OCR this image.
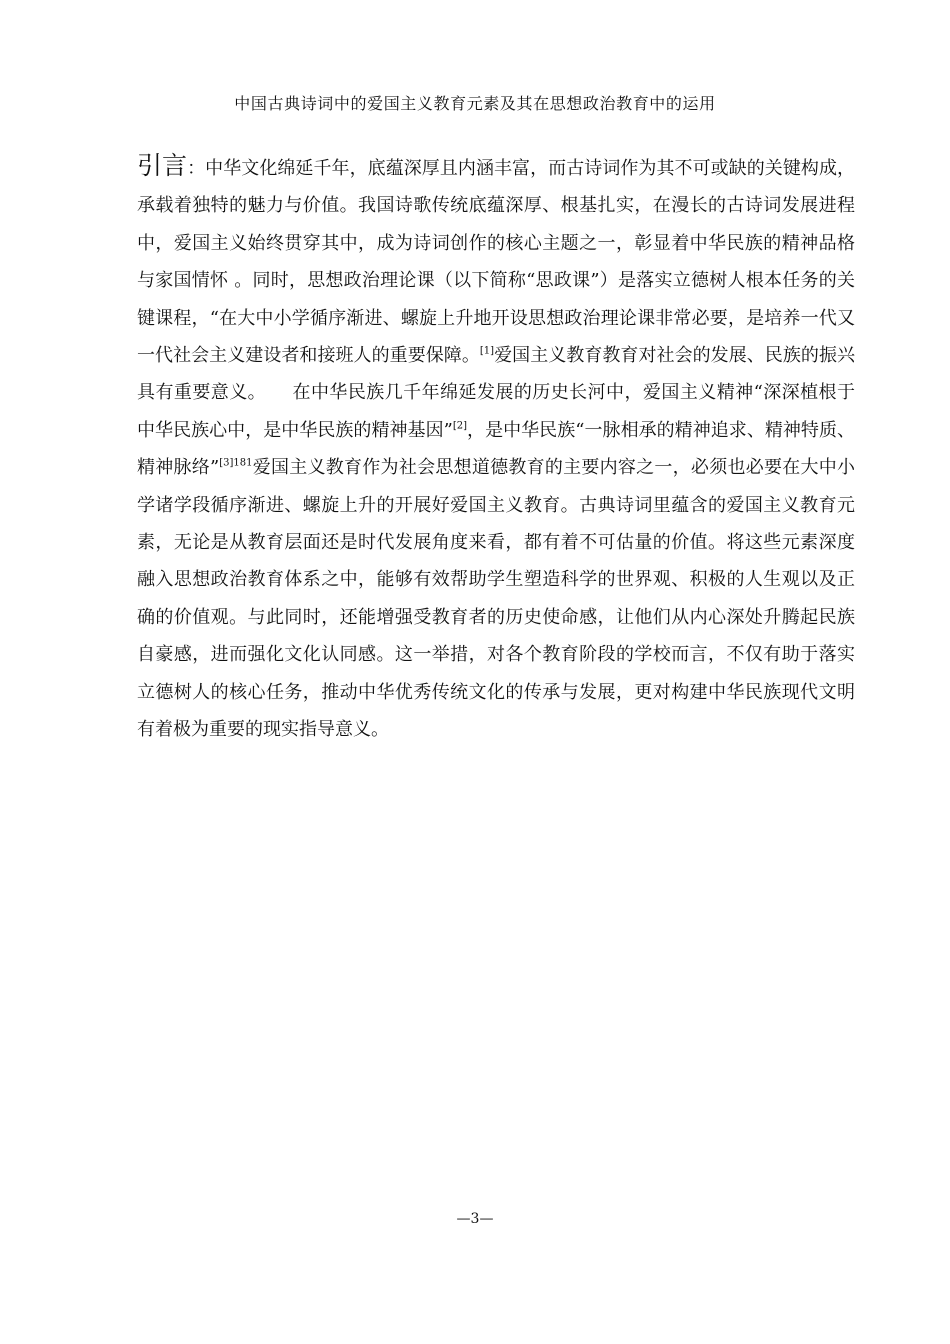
中国古典诗词中的爱国主义教育元素及其在思想政治教育中的运用
引言：中华文化绵延千年，底蕴深厚且内涵丰富，而古诗词作为其不可或缺的关键构成，承载着独特的魅力与价值。我国诗歌传统底蕴深厚、根基扎实，在漫长的古诗词发展进程中，爱国主义始终贯穿其中，成为诗词创作的核心主题之一，彰显着中华民族的精神品格与家国情怀 。同时，思想政治理论课（以下简称“思政课”）是落实立德树人根本任务的关键课程，“在大中小学循序渐进、螺旋上升地开设思想政治理论课非常必要，是培养一代又一代社会主义建设者和接班人的重要保障。[1]爱国主义教育教育对社会的发展、民族的振兴具有重要意义。 在中华民族几千年绵延发展的历史长河中，爱国主义精神“深深植根于中华民族心中，是中华民族的精神基因”[2]，是中华民族“一脉相承的精神追求、精神特质、精神脉络”$^{[3]181}$爱国主义教育作为社会思想道德教育的主要内容之一，必须也必要在大中小学诸学段循序渐进、螺旋上升的开展好爱国主义教育。古典诗词里蕴含的爱国主义教育元素，无论是从教育层面还是时代发展角度来看，都有着不可估量的价值。将这些元素深度融入思想政治教育体系之中，能够有效帮助学生塑造科学的世界观、积极的人生观以及正确的价值观。与此同时，还能增强受教育者的历史使命感，让他们从内心深处升腾起民族自豪感，进而强化文化认同感。这一举措，对各个教育阶段的学校而言，不仅有助于落实立德树人的核心任务，推动中华优秀传统文化的传承与发展，更对构建中华民族现代文明有着极为重要的现实指导意义。
—3—
